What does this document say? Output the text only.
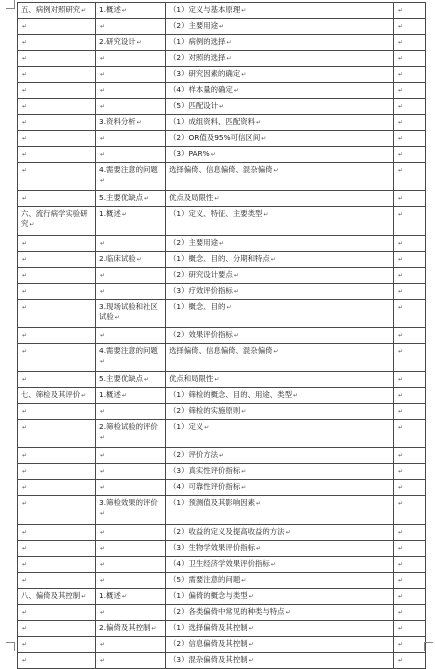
五、病例对照研究↵	1.概述↵	（1）定义与基本原理↵	↵
↵	↵	（2）主要用途↵	↵
↵	2.研究设计↵	（1）病例的选择↵	↵
↵	↵	（2）对照的选择↵	↵
↵	↵	（3）研究因素的确定↵	↵
↵	↵	（4）样本量的确定↵	↵
↵	↵	（5）匹配设计↵	↵
↵	3.资料分析↵	（1）成组资料、匹配资料↵	↵
↵	↵	（2）OR值及95%可信区间↵	↵
↵	↵	（3）PAR%↵	↵
↵	4.需要注意的问题↵	选择偏倚、信息偏倚、混杂偏倚↵	↵
↵	5.主要优缺点↵	优点及局限性↵	↵
六、流行病学实验研究↵	1.概述↵	（1）定义、特征、主要类型↵	↵
↵	↵	（2）主要用途↵	↵
↵	2.临床试验↵	（1）概念、目的、分期和特点↵	↵
↵	↵	（2）研究设计要点↵	↵
↵	↵	（3）疗效评价指标↵	↵
↵	3.现场试验和社区试验↵	（1）概念、目的↵	↵
↵	↵	（2）效果评价指标↵	↵
↵	4.需要注意的问题↵	选择偏倚、信息偏倚、混杂偏倚↵	↵
↵	5.主要优缺点↵	优点和局限性↵	↵
七、筛检及其评价↵	1.概述↵	（1）筛检的概念、目的、用途、类型↵	↵
↵	↵	（2）筛检的实施原则↵	↵
↵	2.筛检试验的评价↵	（1）定义↵	↵
↵	↵	（2）评价方法↵	↵
↵	↵	（3）真实性评价指标↵	↵
↵	↵	（4）可靠性评价指标↵	↵
↵	3.筛检效果的评价↵	（1）预测值及其影响因素↵	↵
↵	↵	（2）收益的定义及提高收益的方法↵	↵
↵	↵	（3）生物学效果评价指标↵	↵
↵	↵	（4）卫生经济学效果评价指标↵	↵
↵	↵	（5）需要注意的问题↵	↵
八、偏倚及其控制↵	1.概述↵	（1）偏倚的概念与类型↵	↵
↵	↵	（2）各类偏倚中常见的种类与特点↵	↵
↵	2.偏倚及其控制↵	（1）选择偏倚及其控制↵	↵
↵	↵	（2）信息偏倚及其控制↵	↵
↵	↵	（3）混杂偏倚及其控制↵	↵
